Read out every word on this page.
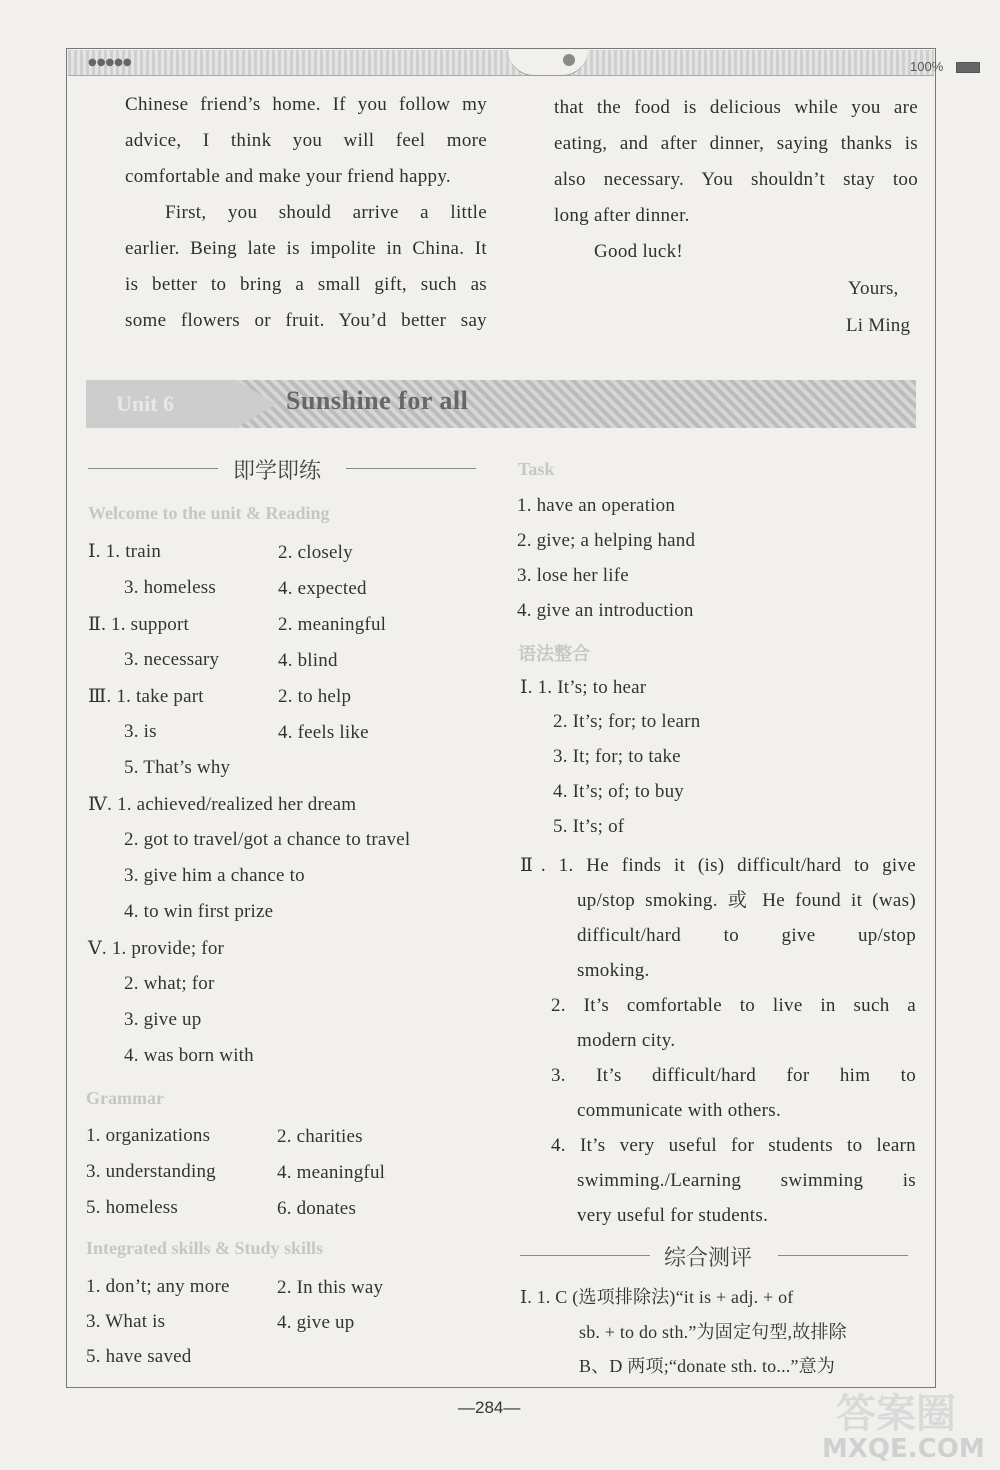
●●●●●	100%
Chinese friend’s home. If you follow my
advice, I think you will feel more
comfortable and make your friend happy.
First, you should arrive a little
earlier. Being late is impolite in China. It
is better to bring a small gift, such as
some flowers or fruit. You’d better say
that the food is delicious while you are
eating, and after dinner, saying thanks is
also necessary. You shouldn’t stay too
long after dinner.
Good luck!
Yours,
Li Ming
Unit 6	Sunshine for all
即学即练
Welcome to the unit & Reading
Ⅰ. 1. train	2. closely
3. homeless	4. expected
Ⅱ. 1. support	2. meaningful
3. necessary	4. blind
Ⅲ. 1. take part	2. to help
3. is	4. feels like
5. That’s why
Ⅳ. 1. achieved/realized her dream
2. got to travel/got a chance to travel
3. give him a chance to
4. to win first prize
Ⅴ. 1. provide; for
2. what; for
3. give up
4. was born with
Grammar
1. organizations	2. charities
3. understanding	4. meaningful
5. homeless	6. donates
Integrated skills & Study skills
1. don’t; any more 2. In this way
3. What is	4. give up
5. have saved
Task
1. have an operation
2. give; a helping hand
3. lose her life
4. give an introduction
语法整合
Ⅰ. 1. It’s; to hear
2. It’s; for; to learn
3. It; for; to take
4. It’s; of; to buy
5. It’s; of
Ⅱ. 1. He finds it (is) difficult/hard to give
up/stop smoking. 或 He found it (was)
difficult/hard to give up/stop
smoking.
2. It’s comfortable to live in such a
modern city.
3. It’s difficult/hard for him to
communicate with others.
4. It’s very useful for students to learn
swimming./Learning swimming is
very useful for students.
综合测评
Ⅰ. 1. C (选项排除法)“it is + adj. + of
sb. + to do sth.”为固定句型,故排除
B、D 两项;“donate sth. to...”意为
—284—	答案圈
MXQE.COM
